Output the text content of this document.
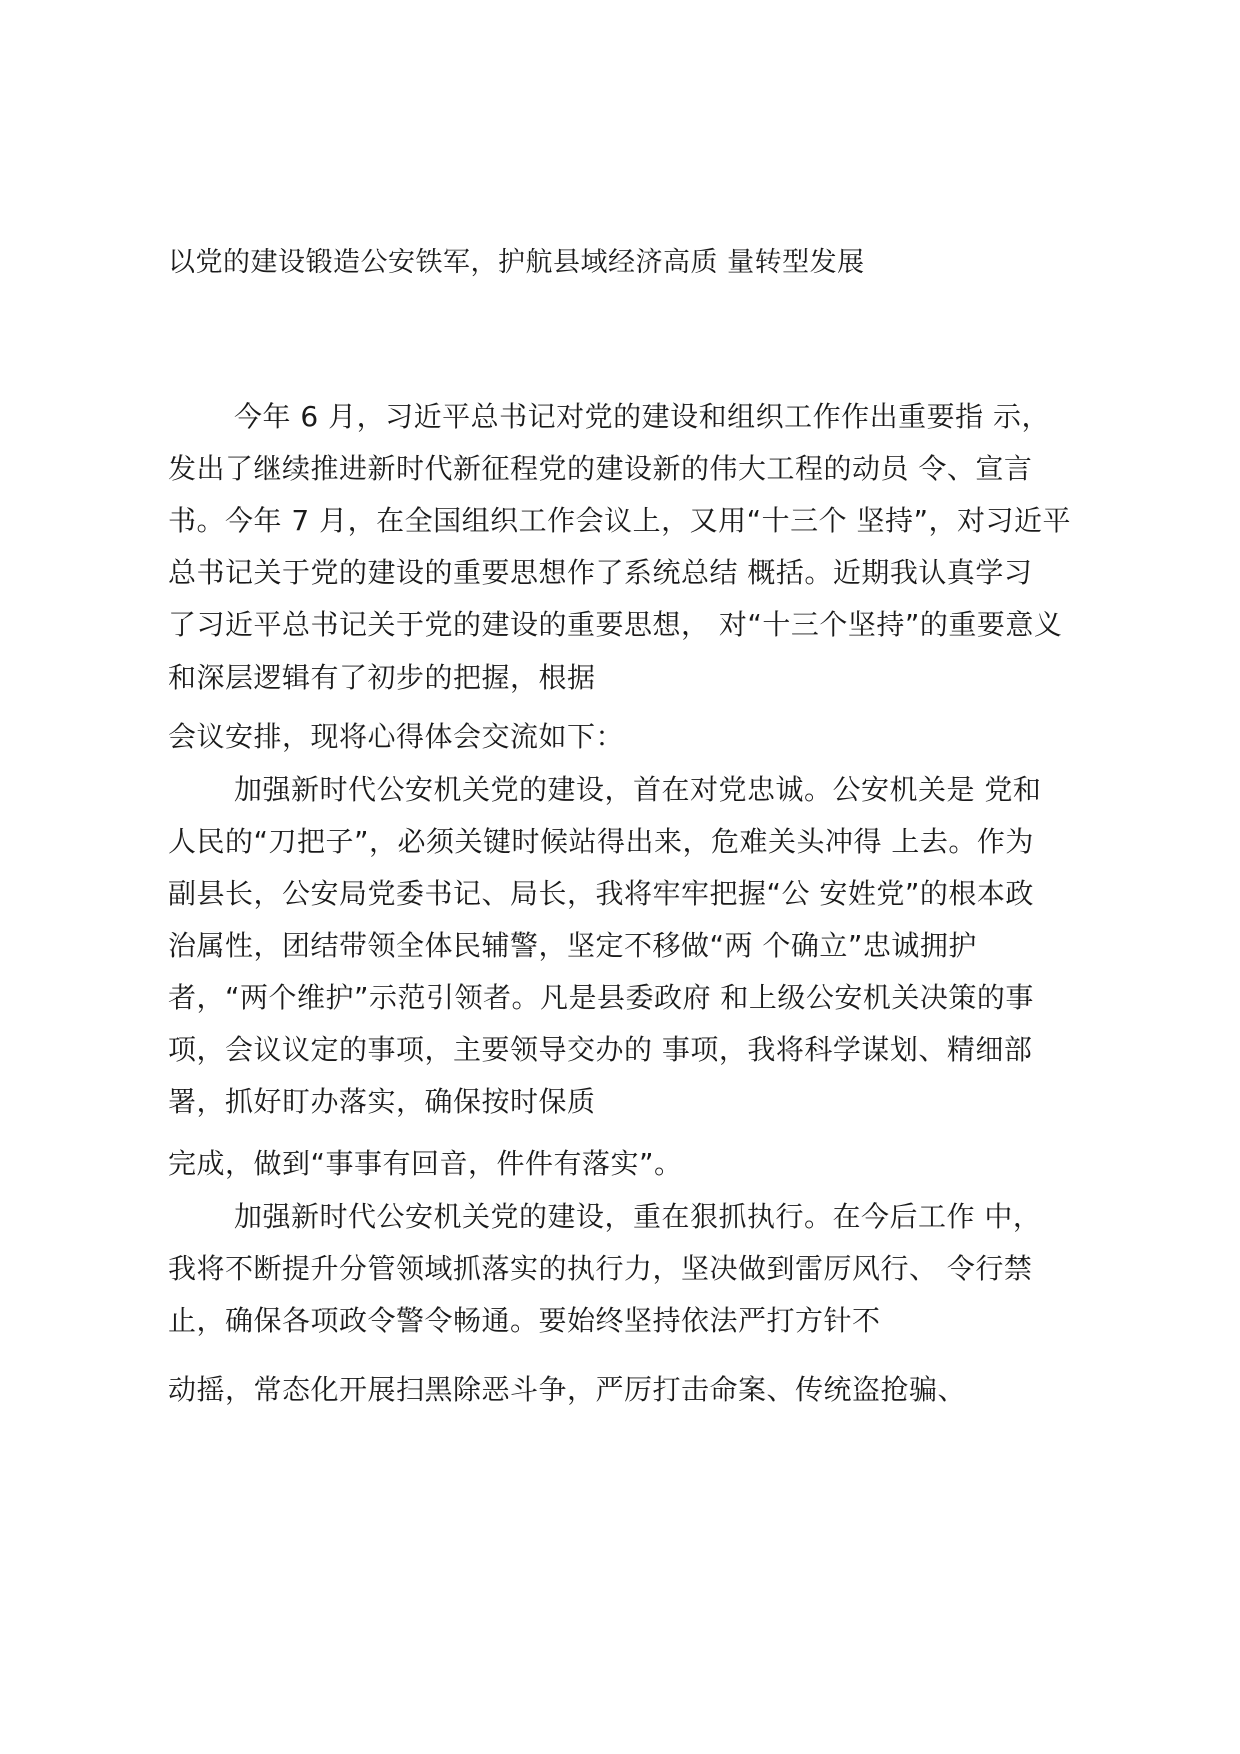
以党的建设锻造公安铁军，护航县域经济高质 量转型发展
今年 6 月，习近平总书记对党的建设和组织工作作出重要指 示，
发出了继续推进新时代新征程党的建设新的伟大工程的动员 令、宣言
书。今年 7 月，在全国组织工作会议上，又用“十三个 坚持”，对习近平
总书记关于党的建设的重要思想作了系统总结 概括。近期我认真学习
了习近平总书记关于党的建设的重要思想， 对“十三个坚持”的重要意义
和深层逻辑有了初步的把握，根据
会议安排，现将心得体会交流如下：
加强新时代公安机关党的建设，首在对党忠诚。公安机关是 党和
人民的“刀把子”，必须关键时候站得出来，危难关头冲得 上去。作为
副县长，公安局党委书记、局长，我将牢牢把握“公 安姓党”的根本政
治属性，团结带领全体民辅警，坚定不移做“两 个确立”忠诚拥护
者，“两个维护”示范引领者。凡是县委政府 和上级公安机关决策的事
项，会议议定的事项，主要领导交办的 事项，我将科学谋划、精细部
署，抓好盯办落实，确保按时保质
完成，做到“事事有回音，件件有落实”。
加强新时代公安机关党的建设，重在狠抓执行。在今后工作 中，
我将不断提升分管领域抓落实的执行力，坚决做到雷厉风行、 令行禁
止，确保各项政令警令畅通。要始终坚持依法严打方针不
动摇，常态化开展扫黑除恶斗争，严厉打击命案、传统盗抢骗、
